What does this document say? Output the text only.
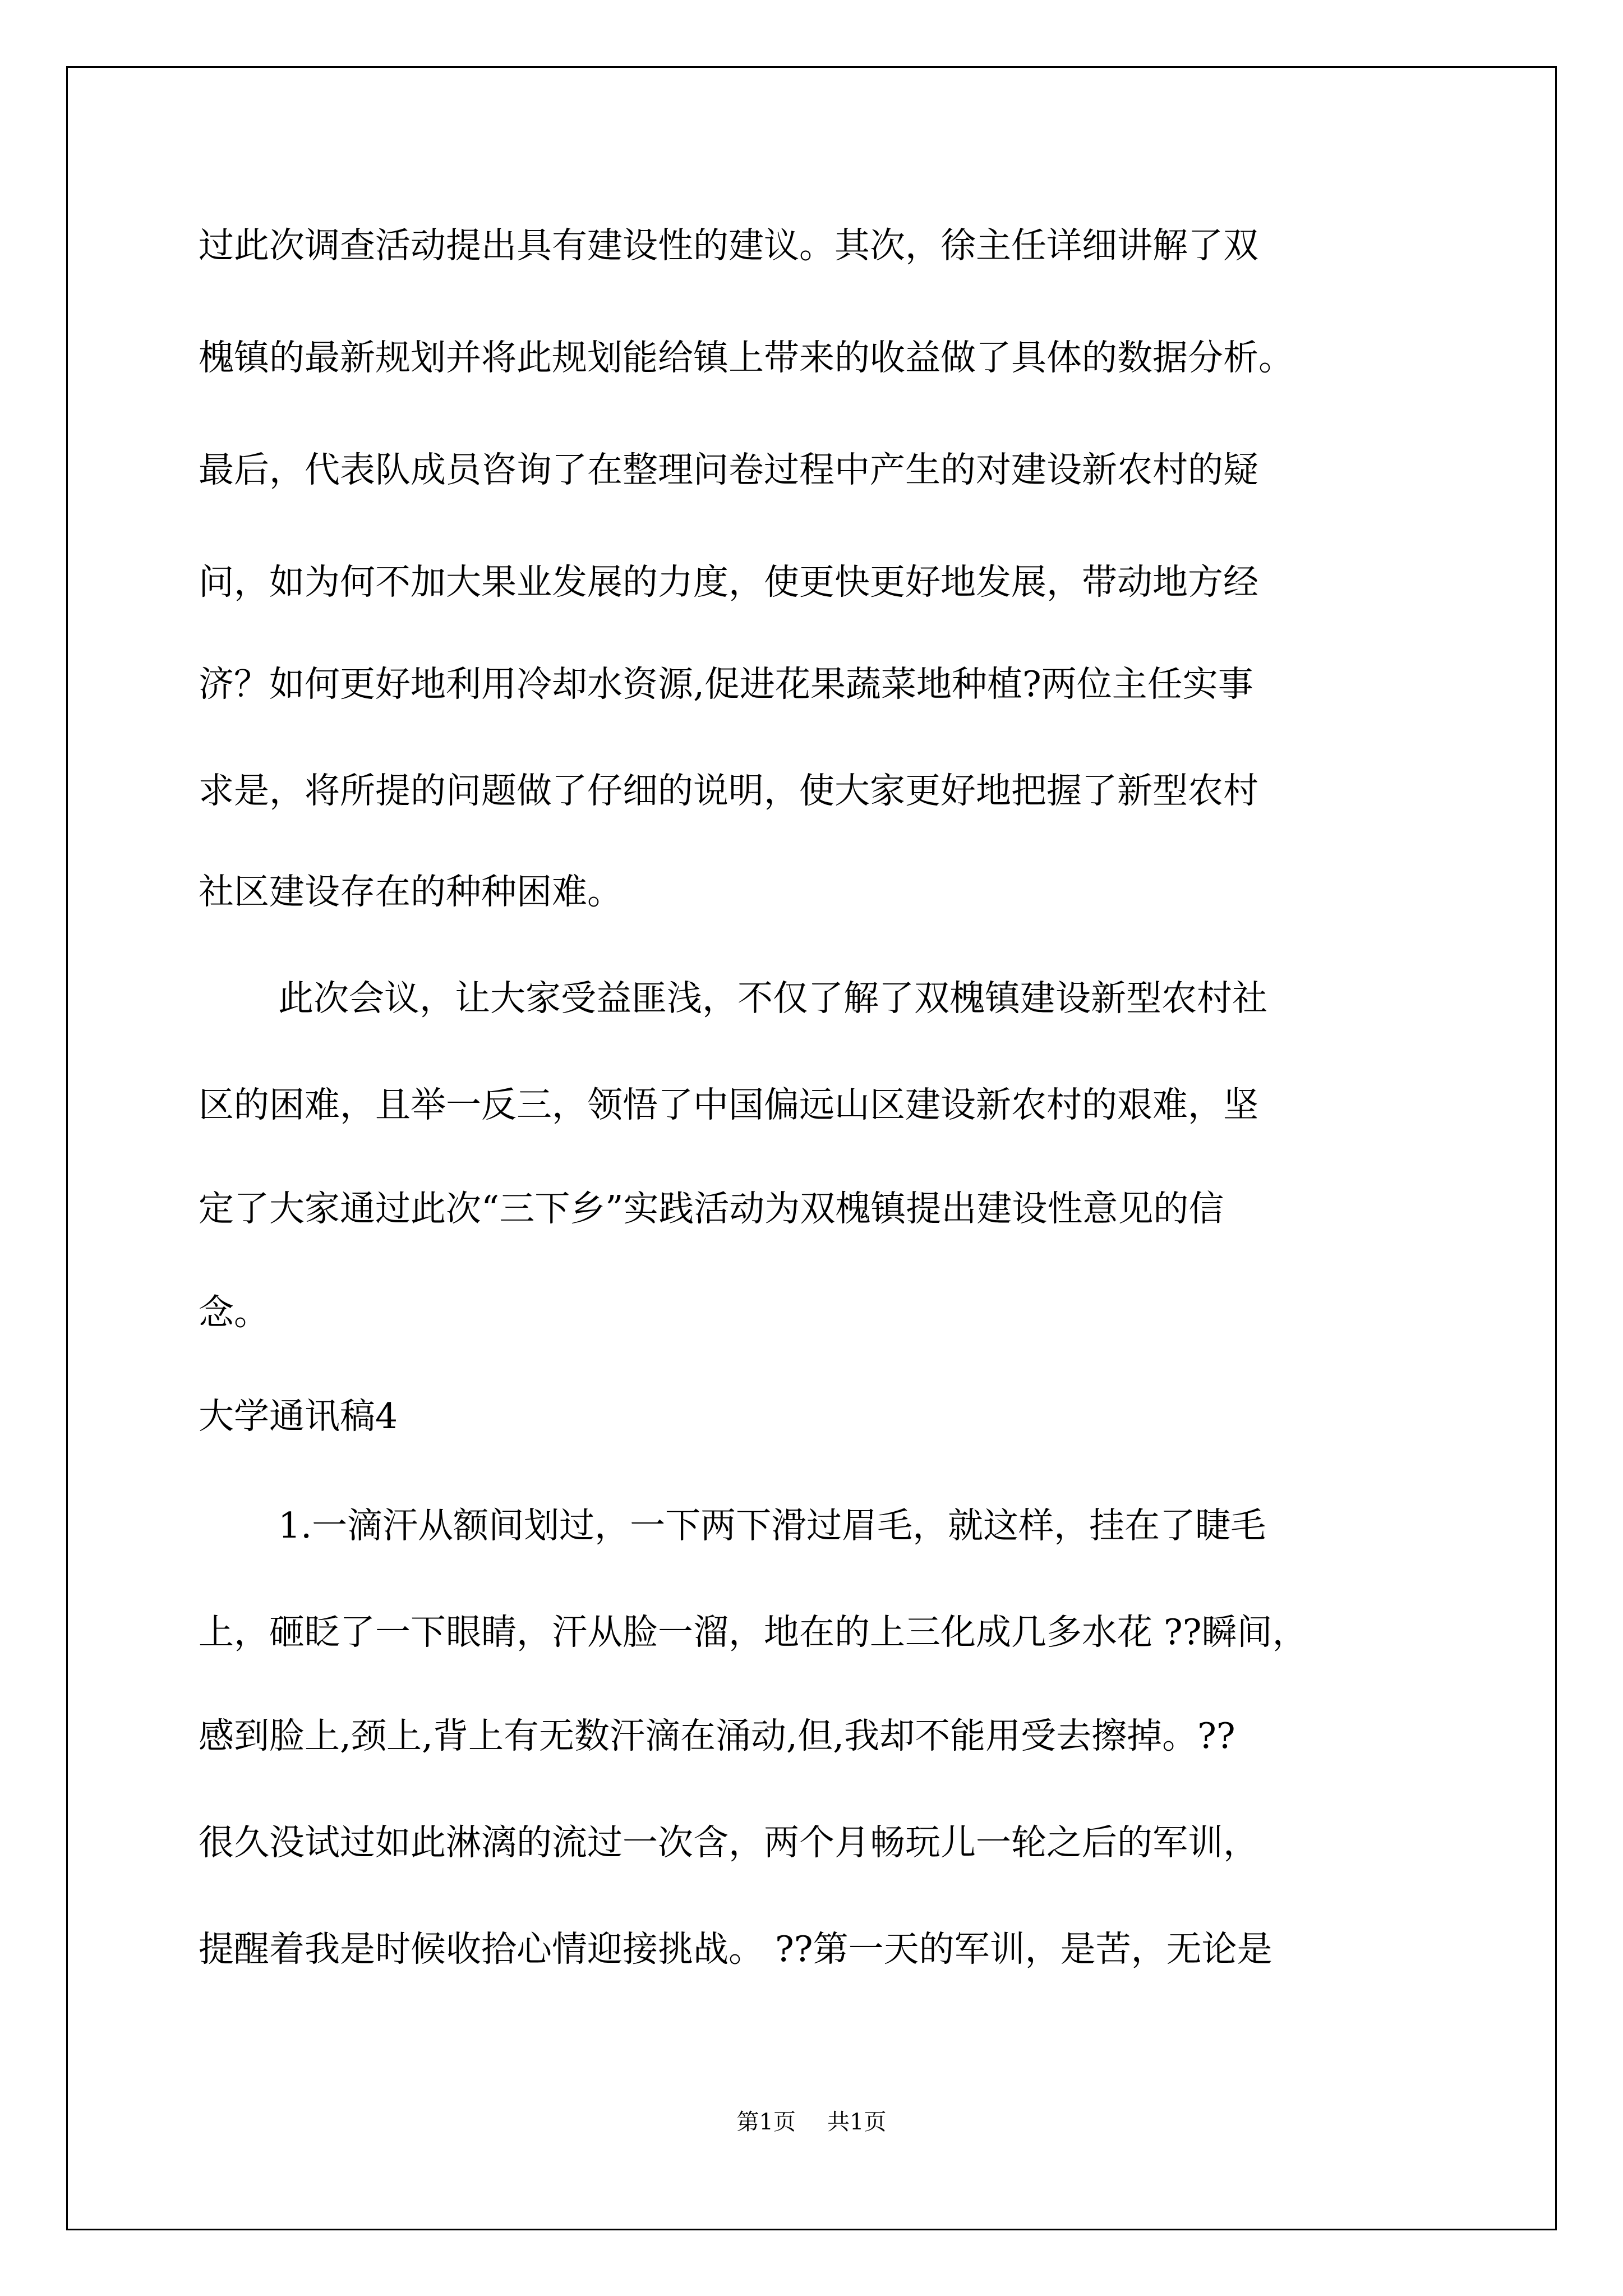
过此次调查活动提出具有建设性的建议。其次，徐主任详细讲解了双
槐镇的最新规划并将此规划能给镇上带来的收益做了具体的数据分析。
最后，代表队成员咨询了在整理问卷过程中产生的对建设新农村的疑
问，如为何不加大果业发展的力度，使更快更好地发展，带动地方经
济？如何更好地利用冷却水资源,促进花果蔬菜地种植?两位主任实事
求是，将所提的问题做了仔细的说明，使大家更好地把握了新型农村
社区建设存在的种种困难。
此次会议，让大家受益匪浅，不仅了解了双槐镇建设新型农村社
区的困难，且举一反三，领悟了中国偏远山区建设新农村的艰难，坚
定了大家通过此次“三下乡”实践活动为双槐镇提出建设性意见的信
念。
大学通讯稿4
1.一滴汗从额间划过，一下两下滑过眉毛，就这样，挂在了睫毛
上，砸眨了一下眼睛，汗从脸一溜，地在的上三化成几多水花 ??瞬间，
感到脸上,颈上,背上有无数汗滴在涌动,但,我却不能用受去擦掉。??
很久没试过如此淋漓的流过一次含，两个月畅玩儿一轮之后的军训，
提醒着我是时候收拾心情迎接挑战。 ??第一天的军训，是苦，无论是
第1页 共1页
